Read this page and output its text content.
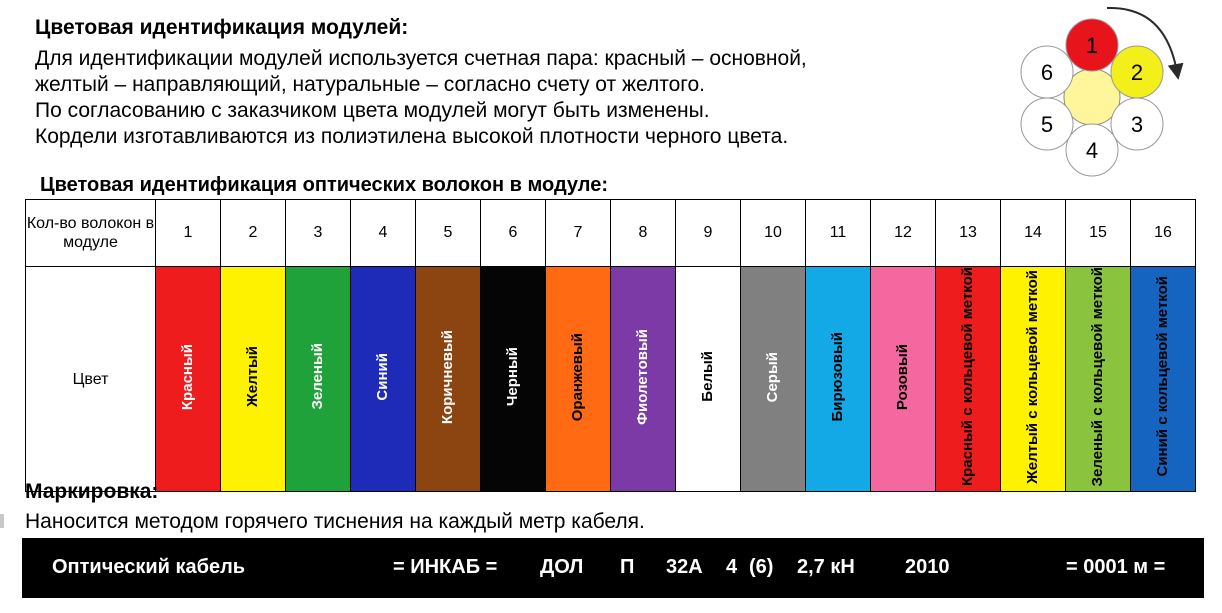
Цветовая идентификация модулей:
Для идентификации модулей используется счетная пара: красный – основной,
желтый – направляющий, натуральные – согласно счету от желтого.
По согласованию с заказчиком цвета модулей могут быть изменены.
Кордели изготавливаются из полиэтилена высокой плотности черного цвета.
1
2
3
4
5
6
Цветовая идентификация оптических волокон в модуле:
Кол-во волокон в модуле	1	2	3	4	5	6	7	8	9	10	11	12	13	14	15	16
Цвет	Красный	Желтый	Зеленый	Синий	Коричневый	Черный	Оранжевый	Фиолетовый	Белый	Серый	Бирюзовый	Розовый	Красный с кольцевой меткой	Желтый с кольцевой меткой	Зеленый с кольцевой меткой	Синий с кольцевой меткой
Маркировка:
Наносится методом горячего тиснения на каждый метр кабеля.
Оптический кабель	= ИНКАБ = ДОЛ П 32А 4 (6) 2,7 кН	2010	= 0001 м =
